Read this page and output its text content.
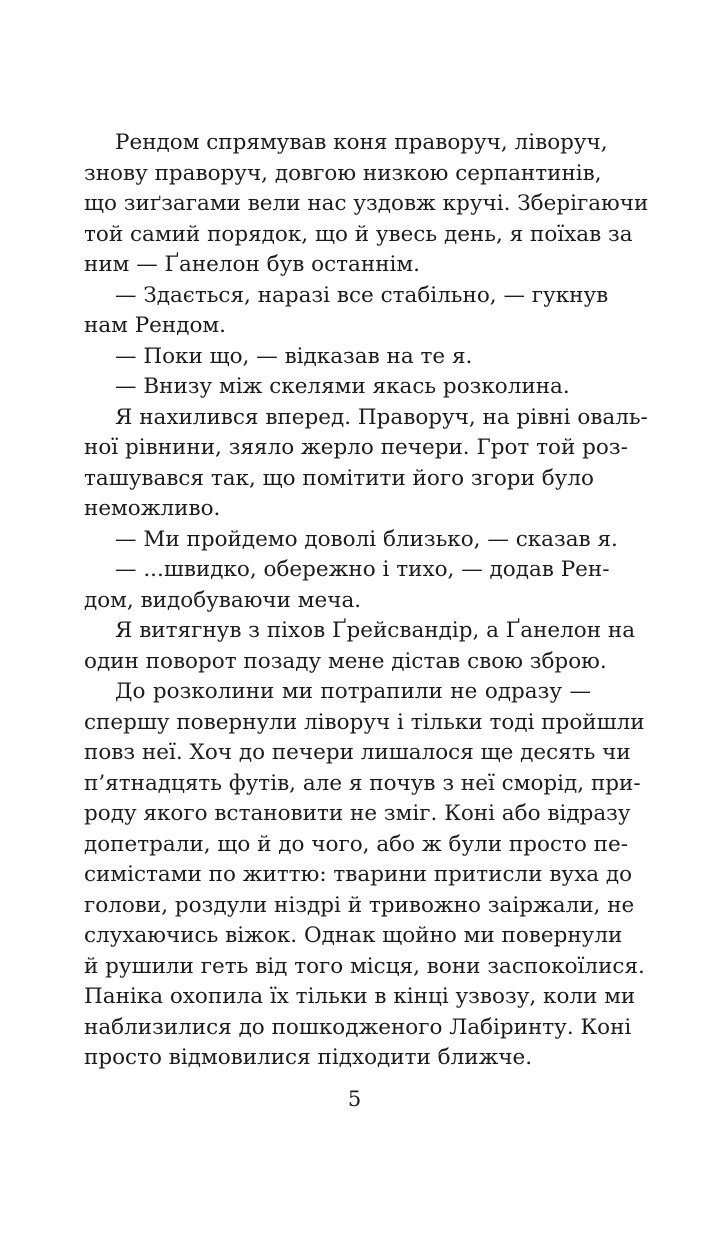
Рендом спрямував коня праворуч, ліворуч,
знову праворуч, довгою низкою серпантинів,
що зиґзагами вели нас уздовж кручі. Зберігаючи
той самий порядок, що й увесь день, я поїхав за
ним — Ґанелон був останнім.
— Здається, наразі все стабільно, — гукнув
нам Рендом.
— Поки що, — відказав на те я.
— Внизу між скелями якась розколина.
Я нахилився вперед. Праворуч, на рівні оваль-
ної рівнини, зяяло жерло печери. Грот той роз-
ташувався так, що помітити його згори було
неможливо.
— Ми пройдемо доволі близько, — сказав я.
— ...швидко, обережно і тихо, — додав Рен-
дом, видобуваючи меча.
Я витягнув з піхов Ґрейсвандір, а Ґанелон на
один поворот позаду мене дістав свою зброю.
До розколини ми потрапили не одразу —
спершу повернули ліворуч і тільки тоді пройшли
повз неї. Хоч до печери лишалося ще десять чи
п’ятнадцять футів, але я почув з неї сморід, при-
роду якого встановити не зміг. Коні або відразу
допетрали, що й до чого, або ж були просто пе-
симістами по життю: тварини притисли вуха до
голови, роздули ніздрі й тривожно заіржали, не
слухаючись віжок. Однак щойно ми повернули
й рушили геть від того місця, вони заспокоїлися.
Паніка охопила їх тільки в кінці узвозу, коли ми
наблизилися до пошкодженого Лабіринту. Коні
просто відмовилися підходити ближче.
5
